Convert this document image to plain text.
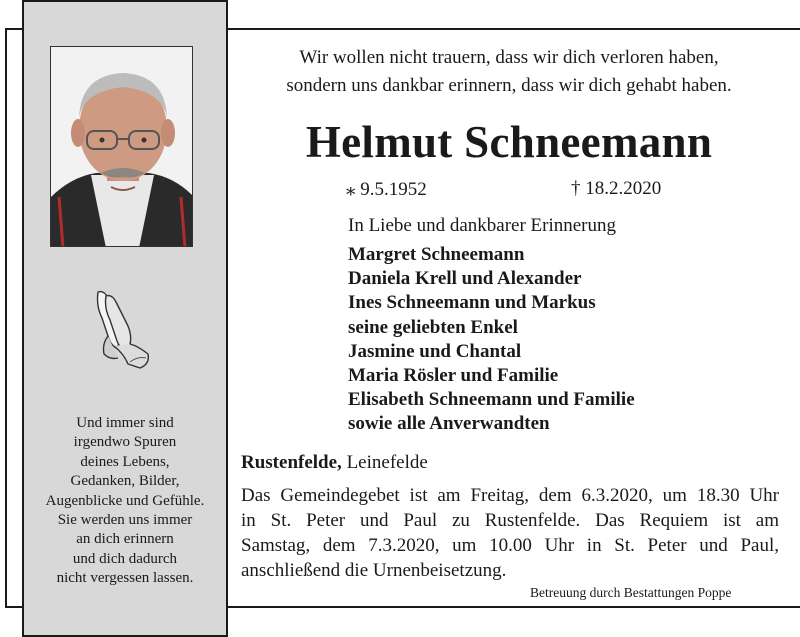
Und immer sind
irgendwo Spuren
deines Lebens,
Gedanken, Bilder,
Augenblicke und Gefühle.
Sie werden uns immer
an dich erinnern
und dich dadurch
nicht vergessen lassen.
Wir wollen nicht trauern, dass wir dich verloren haben,
sondern uns dankbar erinnern, dass wir dich gehabt haben.
Helmut Schneemann
⁎ 9.5.1952	† 18.2.2020
In Liebe und dankbarer Erinnerung
Margret Schneemann
Daniela Krell und Alexander
Ines Schneemann und Markus
seine geliebten Enkel
Jasmine und Chantal
Maria Rösler und Familie
Elisabeth Schneemann und Familie
sowie alle Anverwandten
Rustenfelde, Leinefelde
Das Gemeindegebet ist am Freitag, dem 6.3.2020, um 18.30 Uhr
in St. Peter und Paul zu Rustenfelde. Das Requiem ist am
Samstag, dem 7.3.2020, um 10.00 Uhr in St. Peter und Paul,
anschließend die Urnenbeisetzung.
Betreuung durch Bestattungen Poppe
